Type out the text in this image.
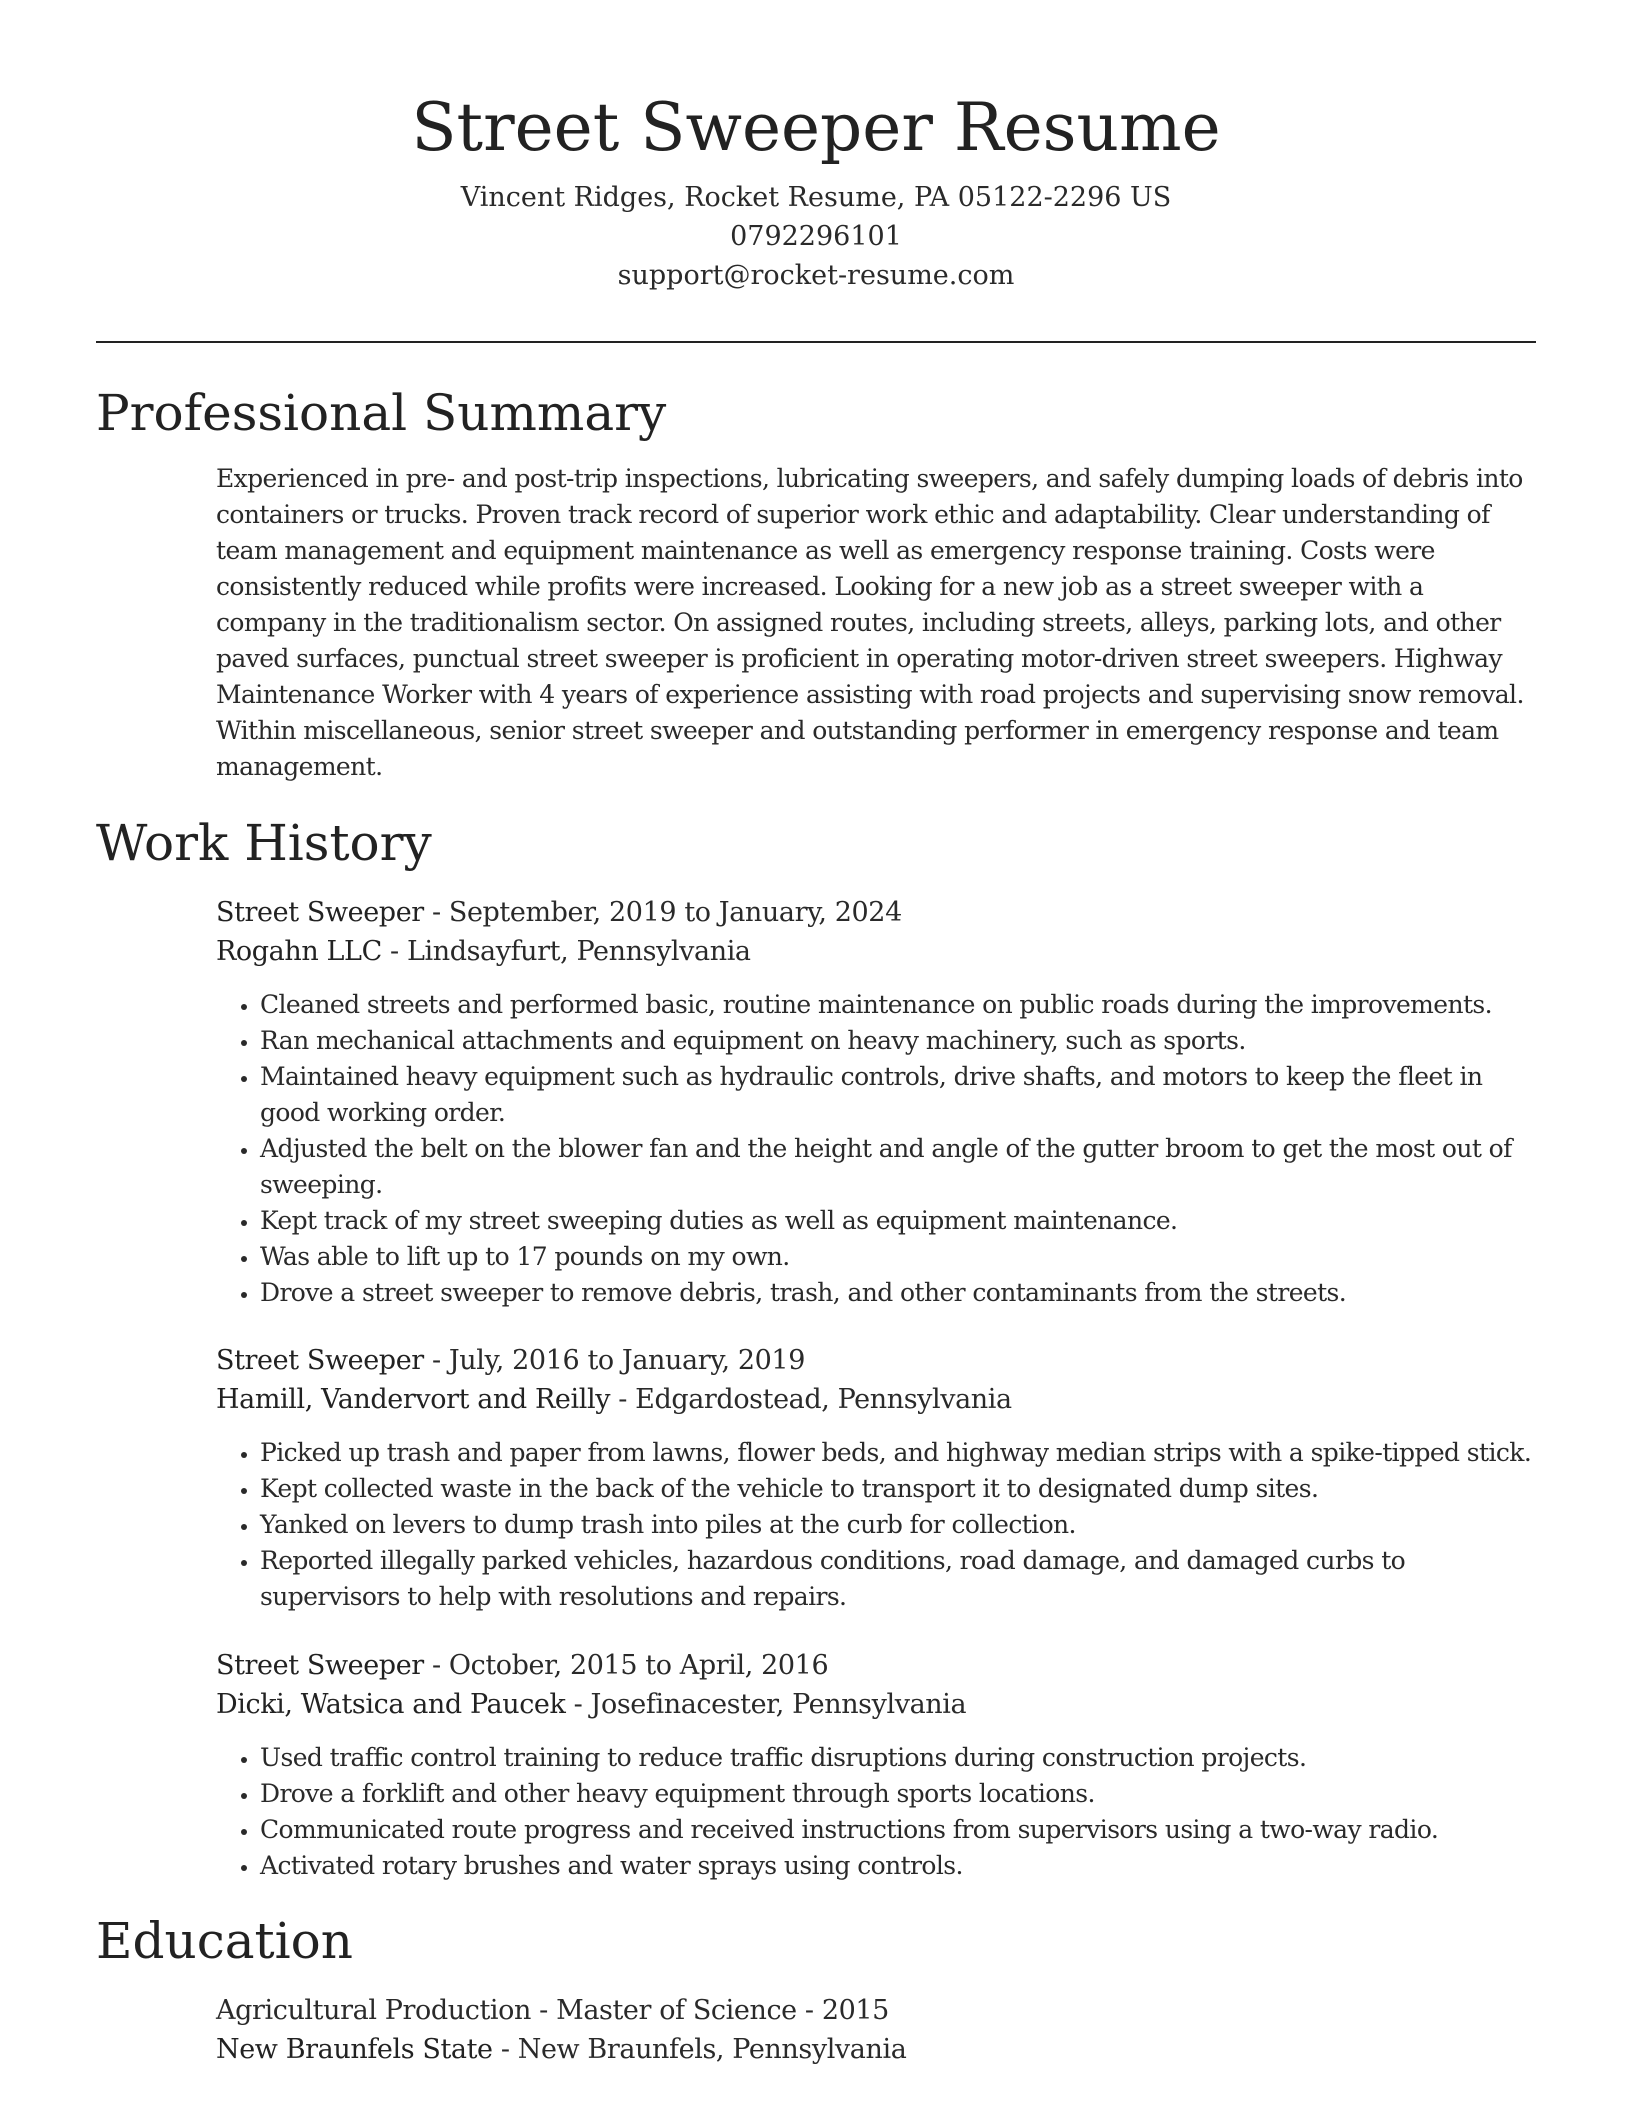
Street Sweeper Resume
Vincent Ridges, Rocket Resume, PA 05122-2296 US
0792296101
support@rocket-resume.com
Professional Summary

Experienced in pre- and post-trip inspections, lubricating sweepers, and safely dumping loads of debris into containers or trucks. Proven track record of superior work ethic and adaptability. Clear understanding of team management and equipment maintenance as well as emergency response training. Costs were consistently reduced while profits were increased. Looking for a new job as a street sweeper with a company in the traditionalism sector. On assigned routes, including streets, alleys, parking lots, and other paved surfaces, punctual street sweeper is proficient in operating motor-driven street sweepers. Highway Maintenance Worker with 4 years of experience assisting with road projects and supervising snow removal. Within miscellaneous, senior street sweeper and outstanding performer in emergency response and team management.

Work History
Street Sweeper - September, 2019 to January, 2024
Rogahn LLC - Lindsayfurt, Pennsylvania
• Cleaned streets and performed basic, routine maintenance on public roads during the improvements.
• Ran mechanical attachments and equipment on heavy machinery, such as sports.
• Maintained heavy equipment such as hydraulic controls, drive shafts, and motors to keep the fleet in good working order.
• Adjusted the belt on the blower fan and the height and angle of the gutter broom to get the most out of sweeping.
• Kept track of my street sweeping duties as well as equipment maintenance.
• Was able to lift up to 17 pounds on my own.
• Drove a street sweeper to remove debris, trash, and other contaminants from the streets.
Street Sweeper - July, 2016 to January, 2019
Hamill, Vandervort and Reilly - Edgardostead, Pennsylvania
• Picked up trash and paper from lawns, flower beds, and highway median strips with a spike-tipped stick.
• Kept collected waste in the back of the vehicle to transport it to designated dump sites.
• Yanked on levers to dump trash into piles at the curb for collection.
• Reported illegally parked vehicles, hazardous conditions, road damage, and damaged curbs to supervisors to help with resolutions and repairs.
Street Sweeper - October, 2015 to April, 2016
Dicki, Watsica and Paucek - Josefinacester, Pennsylvania
• Used traffic control training to reduce traffic disruptions during construction projects.
• Drove a forklift and other heavy equipment through sports locations.
• Communicated route progress and received instructions from supervisors using a two-way radio.
• Activated rotary brushes and water sprays using controls.
Education
Agricultural Production - Master of Science - 2015
New Braunfels State - New Braunfels, Pennsylvania
